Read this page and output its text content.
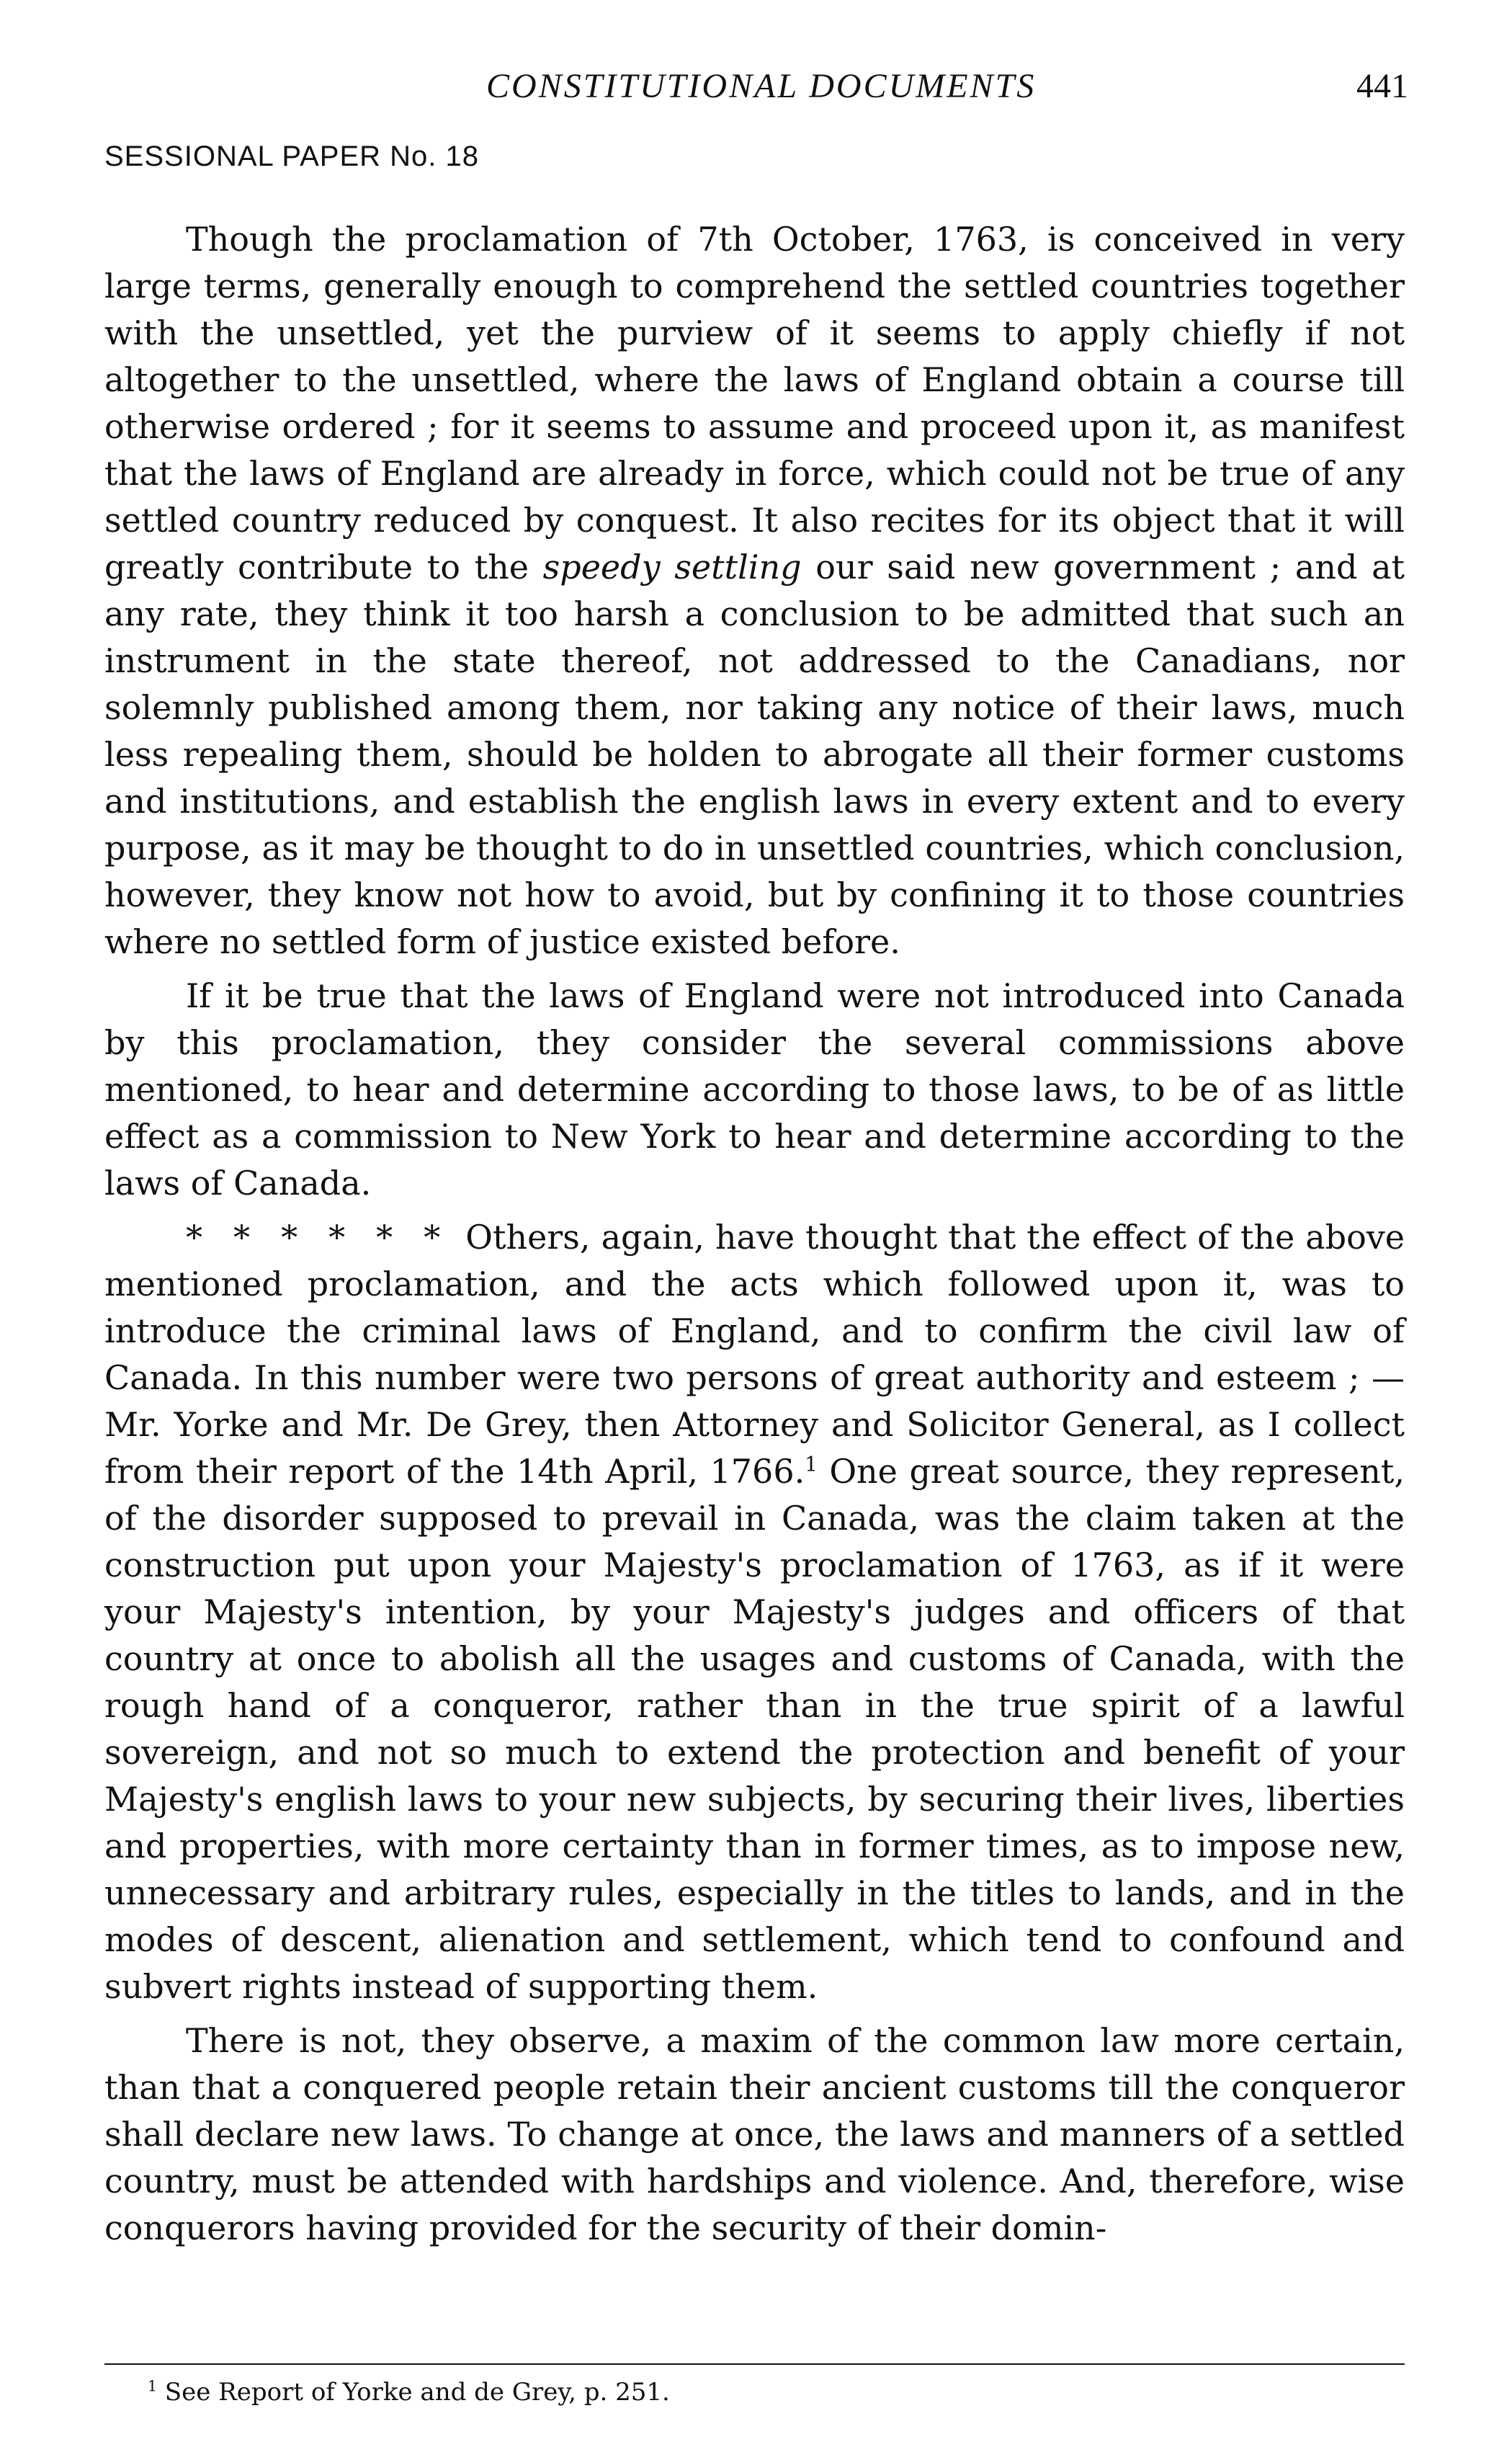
CONSTITUTIONAL DOCUMENTS	441
SESSIONAL PAPER No. 18

Though the proclamation of 7th October, 1763, is conceived in very large terms, generally enough to comprehend the settled countries together with the unsettled, yet the purview of it seems to apply chiefly if not altogether to the unsettled, where the laws of England obtain a course till otherwise ordered ; for it seems to assume and proceed upon it, as manifest that the laws of England are already in force, which could not be true of any settled country reduced by conquest. It also recites for its object that it will greatly contribute to the speedy settling our said new government ; and at any rate, they think it too harsh a conclusion to be admitted that such an instrument in the state thereof, not addressed to the Canadians, nor solemnly published among them, nor taking any notice of their laws, much less repealing them, should be holden to abrogate all their former customs and institutions, and establish the english laws in every extent and to every purpose, as it may be thought to do in unsettled countries, which conclusion, however, they know not how to avoid, but by confining it to those countries where no settled form of justice existed before.

If it be true that the laws of England were not introduced into Canada by this proclamation, they consider the several commissions above mentioned, to hear and determine according to those laws, to be of as little effect as a commission to New York to hear and determine according to the laws of Canada.

* * * * * * Others, again, have thought that the effect of the above mentioned proclamation, and the acts which followed upon it, was to introduce the criminal laws of England, and to confirm the civil law of Canada. In this number were two persons of great authority and esteem ; —Mr. Yorke and Mr. De Grey, then Attorney and Solicitor General, as I collect from their report of the 14th April, 1766.$^1$ One great source, they represent, of the disorder supposed to prevail in Canada, was the claim taken at the construction put upon your Majesty's proclamation of 1763, as if it were your Majesty's intention, by your Majesty's judges and officers of that country at once to abolish all the usages and customs of Canada, with the rough hand of a conqueror, rather than in the true spirit of a lawful sovereign, and not so much to extend the protection and benefit of your Majesty's english laws to your new subjects, by securing their lives, liberties and properties, with more certainty than in former times, as to impose new, unnecessary and arbitrary rules, especially in the titles to lands, and in the modes of descent, alienation and settlement, which tend to confound and subvert rights instead of supporting them.

There is not, they observe, a maxim of the common law more certain, than that a conquered people retain their ancient customs till the conqueror shall declare new laws. To change at once, the laws and manners of a settled country, must be attended with hardships and violence. And, therefore, wise conquerors having provided for the security of their domin-

$^1$ See Report of Yorke and de Grey, p. 251.
